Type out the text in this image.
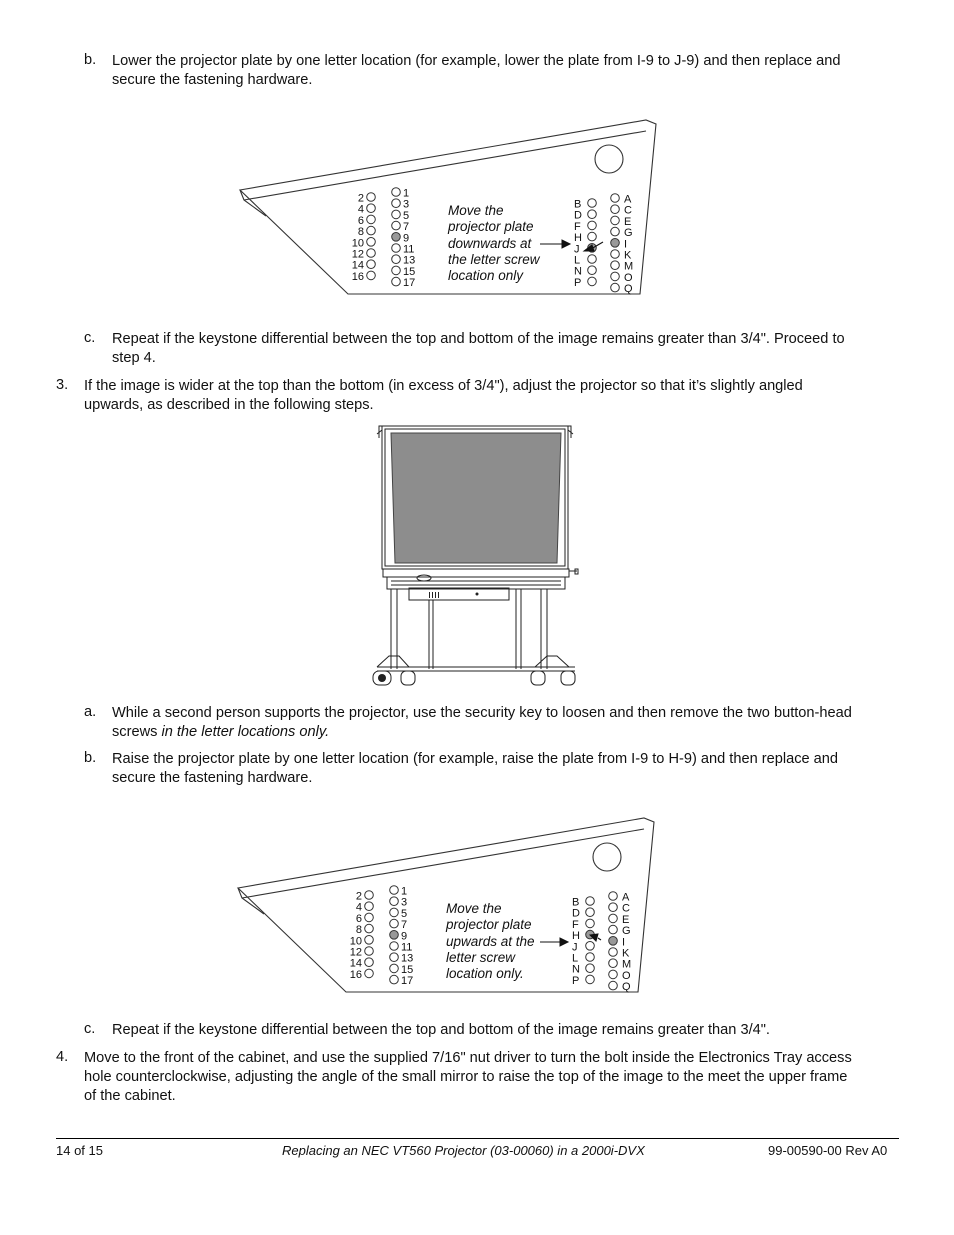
b. Lower the projector plate by one letter location (for example, lower the plate from I-9 to J-9) and then replace and
secure the fastening hardware.
2
4
6
8
10
12
14
16
1
3
5
7
9
11
13
15
17
B
D
F
H
J
L
N
P
A
C
E
G
I
K
M
O
Q
Move the
projector plate
downwards at
the letter screw
location only
c. Repeat if the keystone differential between the top and bottom of the image remains greater than 3/4". Proceed to
step 4.
3. If the image is wider at the top than the bottom (in excess of 3/4"), adjust the projector so that it’s slightly angled
upwards, as described in the following steps.
a. While a second person supports the projector, use the security key to loosen and then remove the two button-head
screws in the letter locations only.
b. Raise the projector plate by one letter location (for example, raise the plate from I-9 to H-9) and then replace and
secure the fastening hardware.
2
4
6
8
10
12
14
16
1
3
5
7
9
11
13
15
17
B
D
F
H
J
L
N
P
A
C
E
G
I
K
M
O
Q
Move the
projector plate
upwards at the
letter screw
location only.
c. Repeat if the keystone differential between the top and bottom of the image remains greater than 3/4".
4. Move to the front of the cabinet, and use the supplied 7/16" nut driver to turn the bolt inside the Electronics Tray access
hole counterclockwise, adjusting the angle of the small mirror to raise the top of the image to the meet the upper frame
of the cabinet.
14 of 15	Replacing an NEC VT560 Projector (03-00060) in a 2000i-DVX	99-00590-00 Rev A0
